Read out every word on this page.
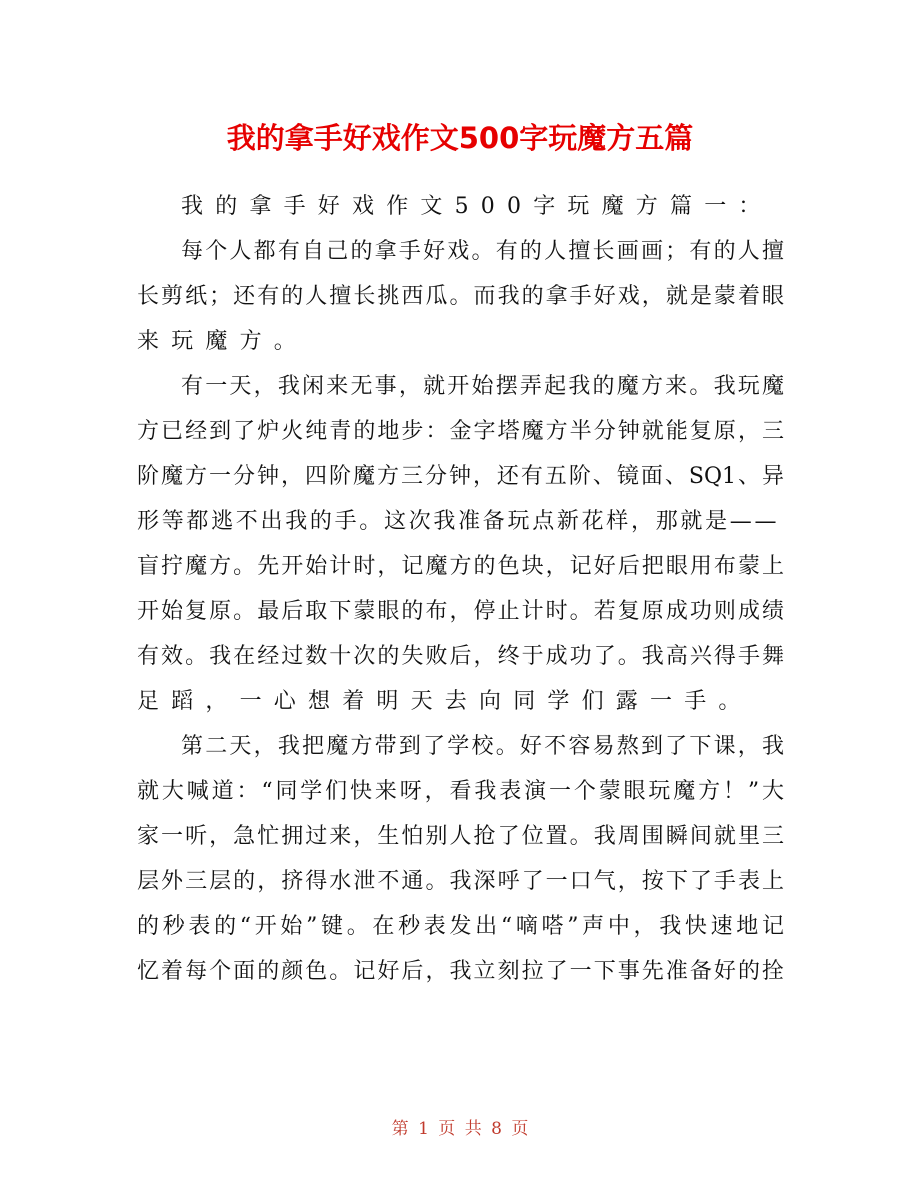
我的拿手好戏作文500字玩魔方五篇
我的拿手好戏作文500字玩魔方篇一：
每个人都有自己的拿手好戏。有的人擅长画画；有的人擅
长剪纸；还有的人擅长挑西瓜。而我的拿手好戏，就是蒙着眼
来玩魔方。
有一天，我闲来无事，就开始摆弄起我的魔方来。我玩魔
方已经到了炉火纯青的地步：金字塔魔方半分钟就能复原，三
阶魔方一分钟，四阶魔方三分钟，还有五阶、镜面、SQ1、异
形等都逃不出我的手。这次我准备玩点新花样，那就是——
盲拧魔方。先开始计时，记魔方的色块，记好后把眼用布蒙上
开始复原。最后取下蒙眼的布，停止计时。若复原成功则成绩
有效。我在经过数十次的失败后，终于成功了。我高兴得手舞
足蹈，一心想着明天去向同学们露一手。
第二天，我把魔方带到了学校。好不容易熬到了下课，我
就大喊道：“同学们快来呀，看我表演一个蒙眼玩魔方！”大
家一听，急忙拥过来，生怕别人抢了位置。我周围瞬间就里三
层外三层的，挤得水泄不通。我深呼了一口气，按下了手表上
的秒表的“开始”键。在秒表发出“嘀嗒”声中，我快速地记
忆着每个面的颜色。记好后，我立刻拉了一下事先准备好的拴
第 1 页 共 8 页
